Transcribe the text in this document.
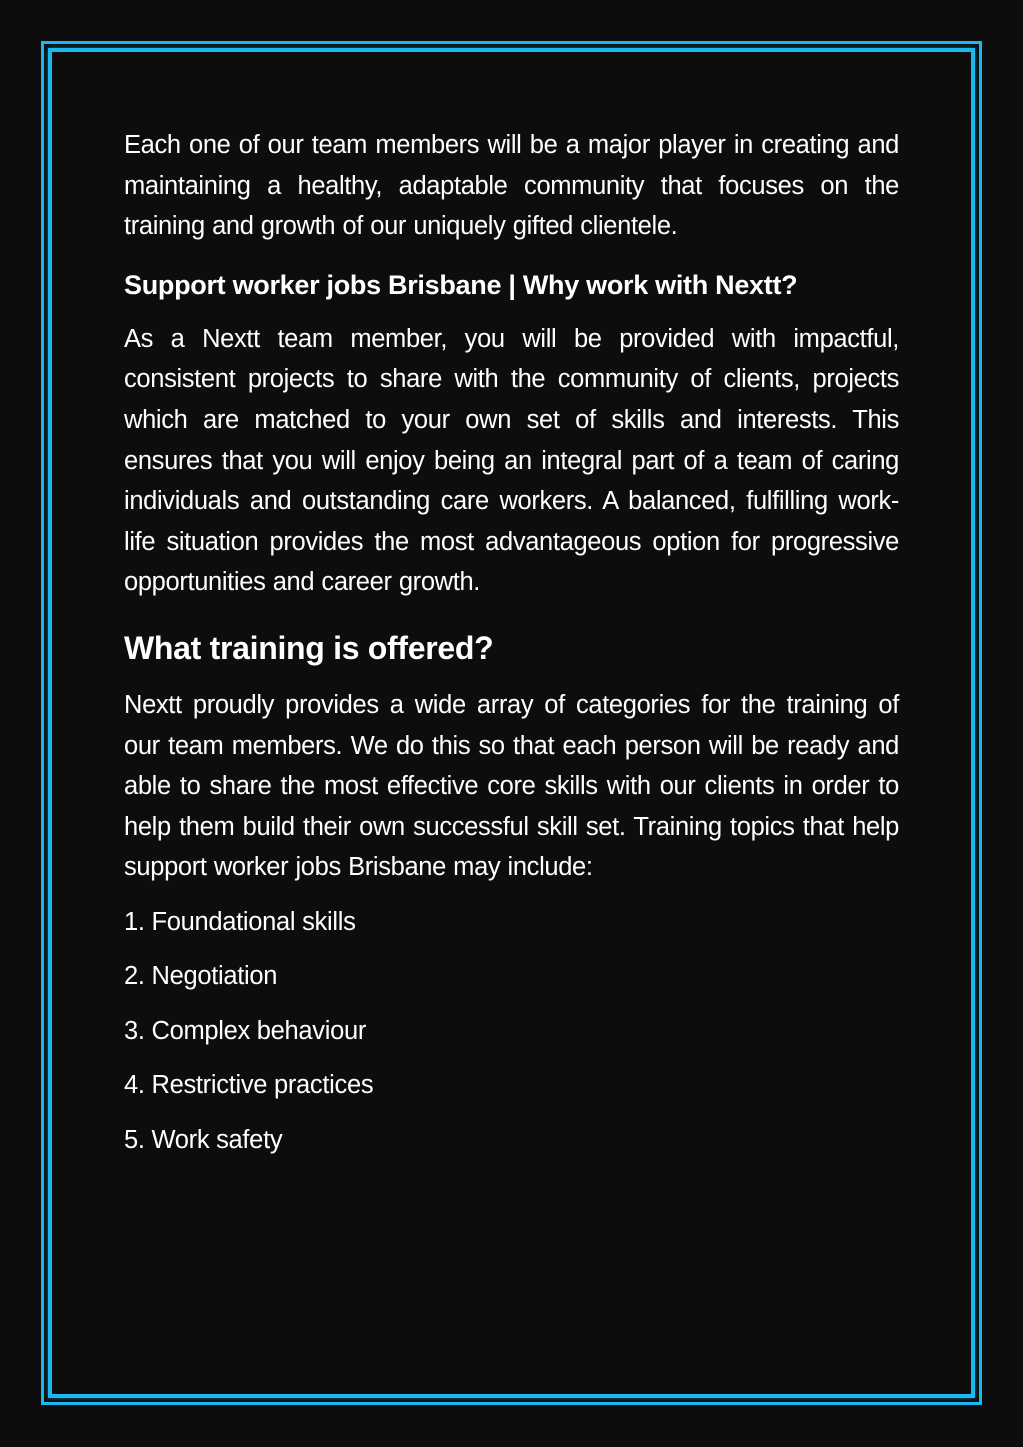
Each one of our team members will be a major player in creating and maintaining a healthy, adaptable community that focuses on the training and growth of our uniquely gifted clientele.

Support worker jobs Brisbane | Why work with Nextt?

As a Nextt team member, you will be provided with impactful, consistent projects to share with the community of clients, projects which are matched to your own set of skills and interests. This ensures that you will enjoy being an integral part of a team of caring individuals and outstanding care workers. A balanced, fulfilling work- life situation provides the most advantageous option for progressive opportunities and career growth.

What training is offered?

Nextt proudly provides a wide array of categories for the training of our team members. We do this so that each person will be ready and able to share the most effective core skills with our clients in order to help them build their own successful skill set. Training topics that help support worker jobs Brisbane may include:

1. Foundational skills
2. Negotiation
3. Complex behaviour
4. Restrictive practices
5. Work safety
